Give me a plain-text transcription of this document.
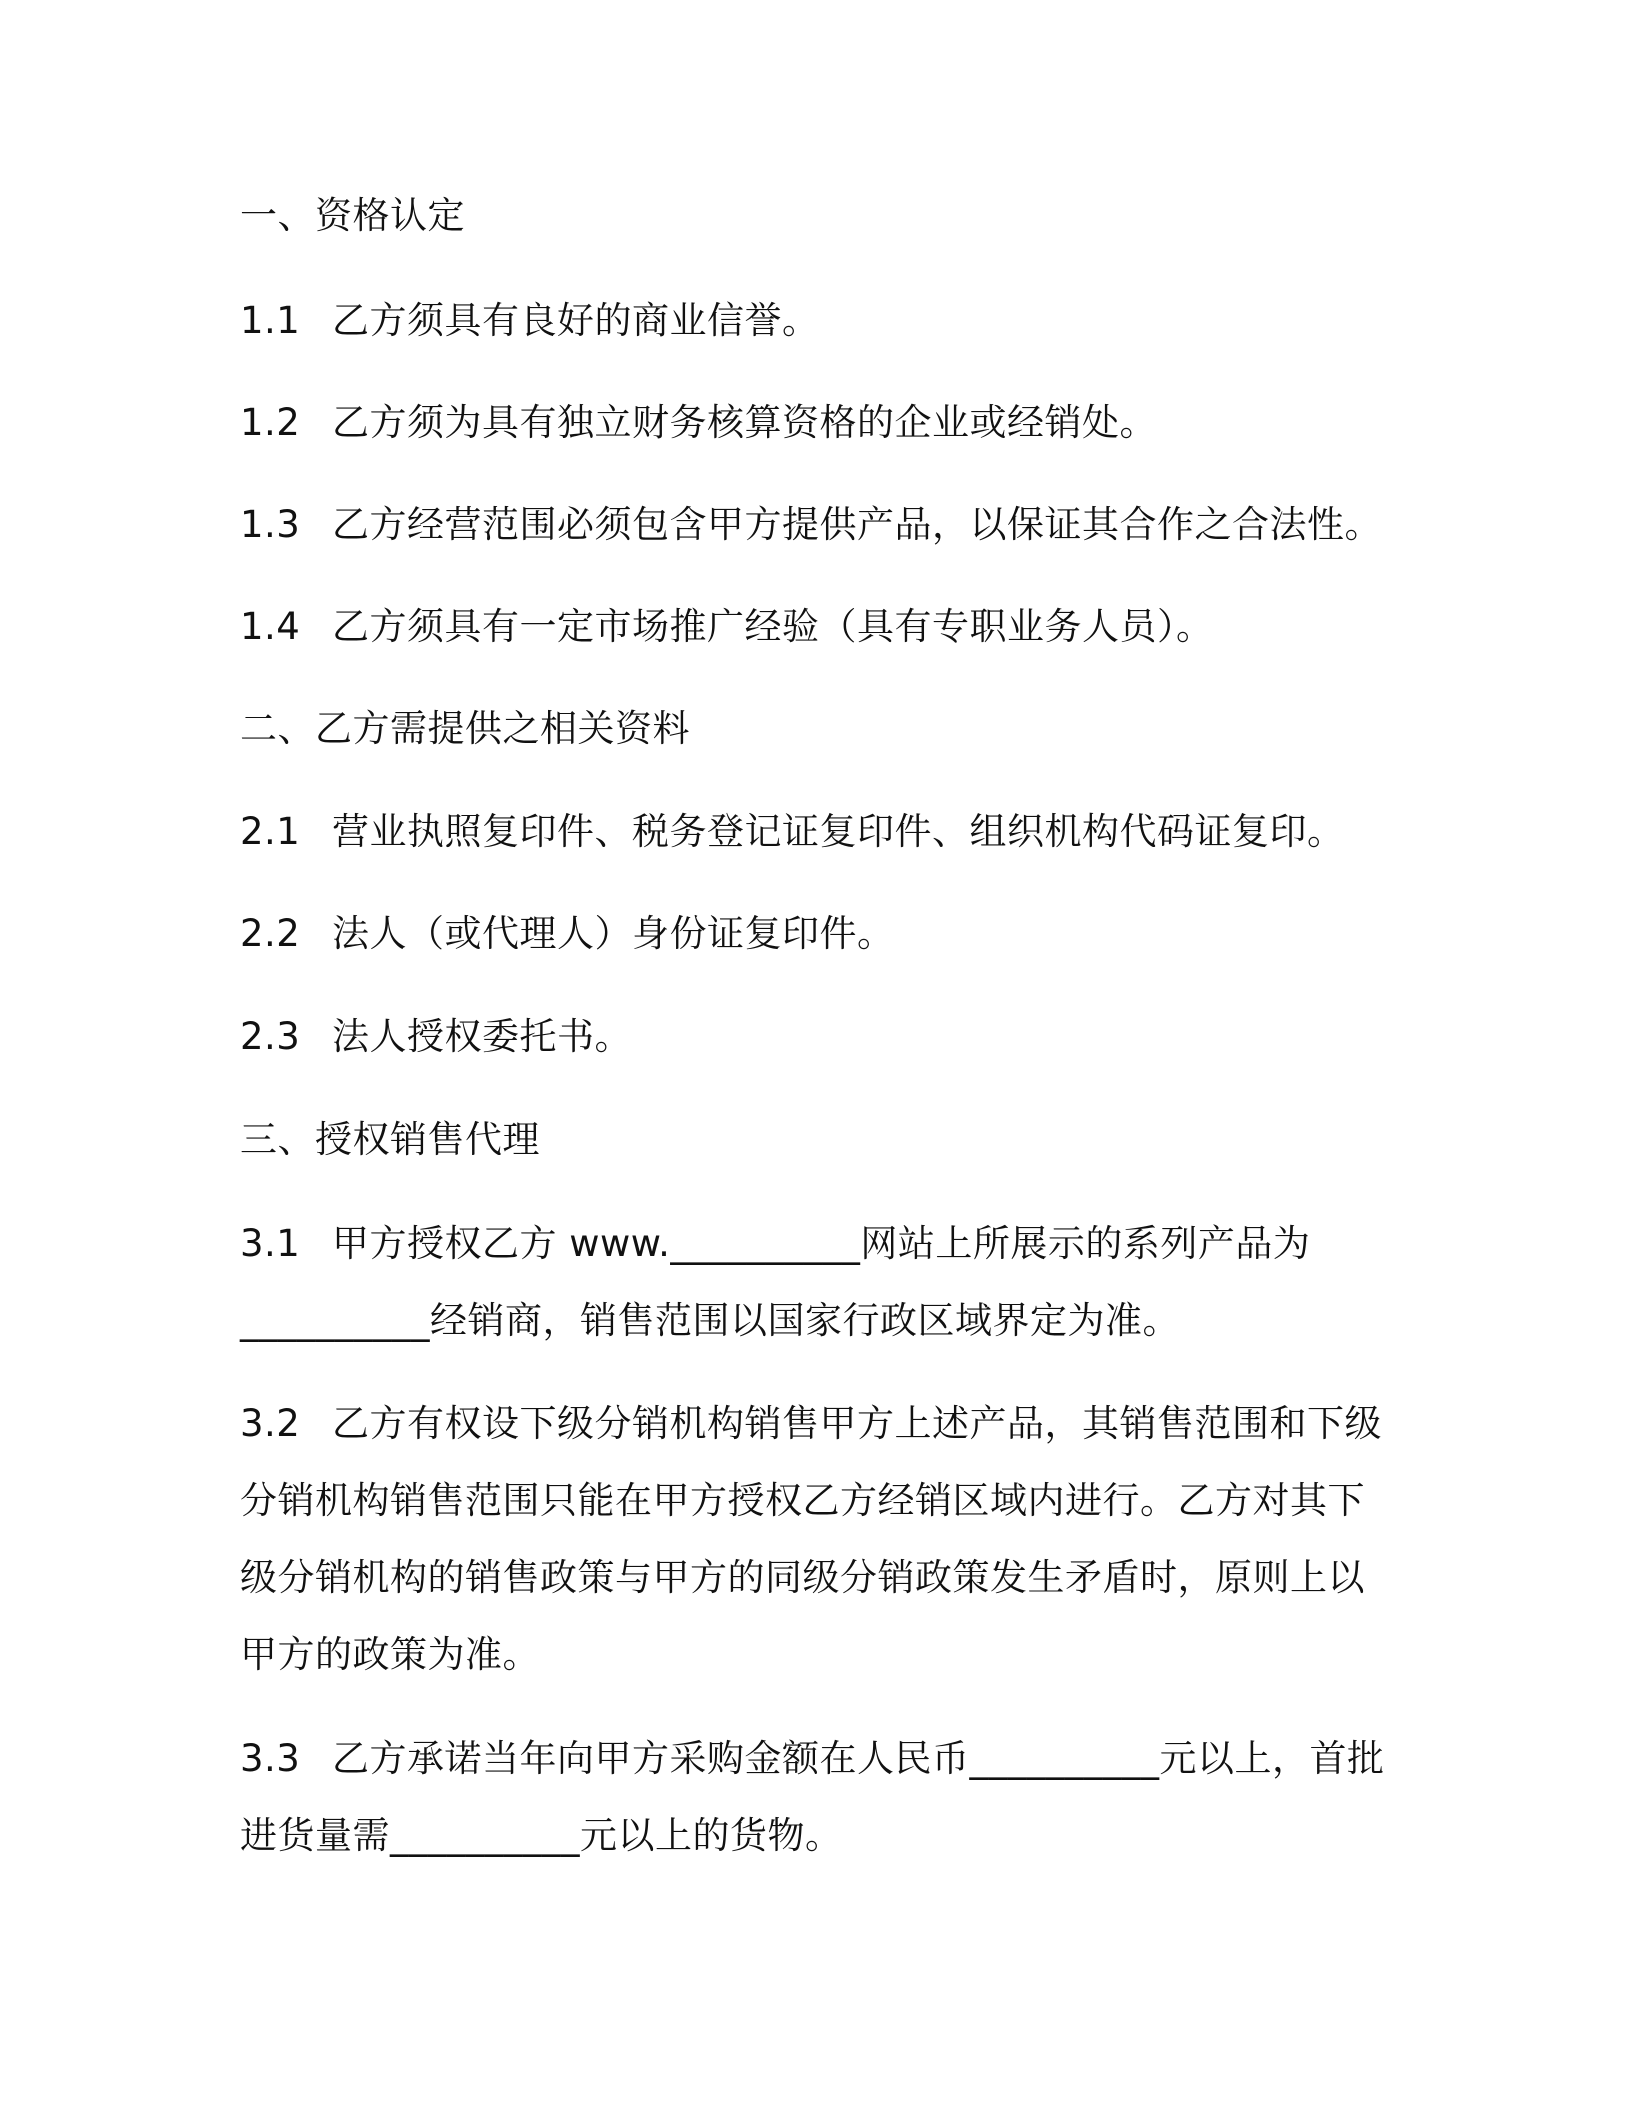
一、资格认定
1.1 乙方须具有良好的商业信誉。
1.2 乙方须为具有独立财务核算资格的企业或经销处。
1.3 乙方经营范围必须包含甲方提供产品，以保证其合作之合法性。
1.4 乙方须具有一定市场推广经验（具有专职业务人员）。
二、乙方需提供之相关资料
2.1 营业执照复印件、税务登记证复印件、组织机构代码证复印。
2.2 法人（或代理人）身份证复印件。
2.3 法人授权委托书。
三、授权销售代理
3.1 甲方授权乙方 www.__________网站上所展示的系列产品为
__________经销商，销售范围以国家行政区域界定为准。
3.2 乙方有权设下级分销机构销售甲方上述产品，其销售范围和下级
分销机构销售范围只能在甲方授权乙方经销区域内进行。乙方对其下
级分销机构的销售政策与甲方的同级分销政策发生矛盾时，原则上以
甲方的政策为准。
3.3 乙方承诺当年向甲方采购金额在人民币__________元以上，首批
进货量需__________元以上的货物。
